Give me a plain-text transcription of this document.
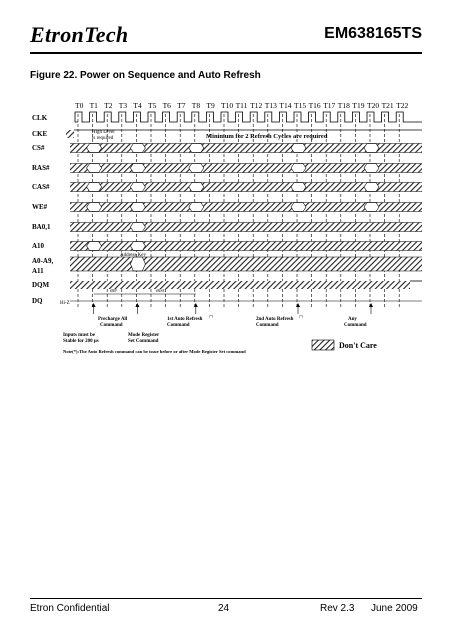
EtronTech	EM638165TS
Figure 22. Power on Sequence and Auto Refresh
CLK
CKE
CS#
RAS#
CAS#
WE#
BA0,1
A10
A0-A9,
A11
DQM
DQ
High Level
is required	Minimum for 2 Refresh Cycles are required
Address Key
Hi-Z
tRP	tRSC
Precharge All
Command
Inputs must be
Stable for 200 μs
Mode Register
Set Command
1st Auto Refresh
(*)
Command
2nd Auto Refresh
(*)
Command
Any
Command
Note(*):The Auto Refresh command can be issue before or after Mode Register Set command
Don't Care
T0 T1 T2 T3 T4 T5 T6 T7 T8 T9 T10 T11 T12 T13 T14 T15 T16 T17 T18 T19 T20 T21 T22
Etron Confidential	24	Rev 2.3 June 2009
